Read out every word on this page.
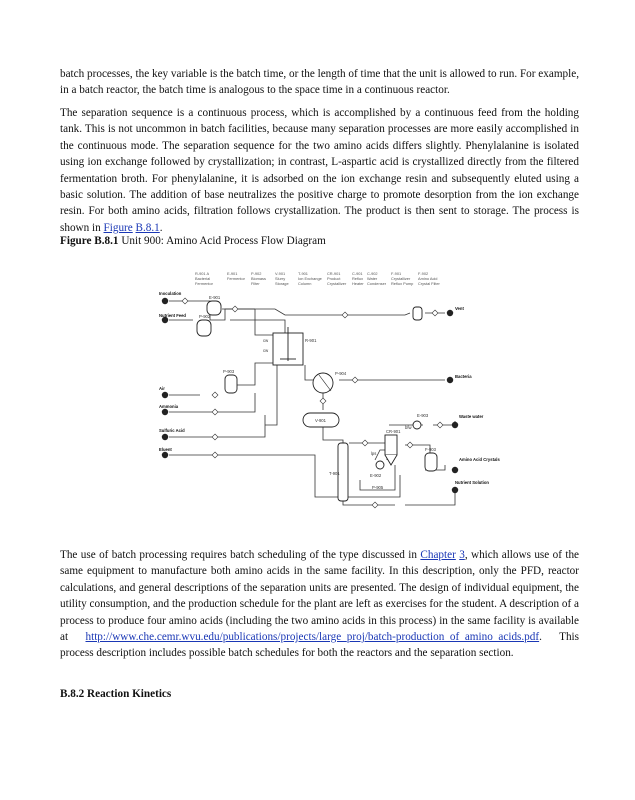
batch processes, the key variable is the batch time, or the length of time that the unit is allowed to run. For example, in a batch reactor, the batch time is analogous to the space time in a continuous reactor.

The separation sequence is a continuous process, which is accomplished by a continuous feed from the holding tank. This is not uncommon in batch facilities, because many separation processes are more easily accomplished in the continuous mode. The separation sequence for the two amino acids differs slightly. Phenylalanine is isolated using ion exchange followed by crystallization; in contrast, L-aspartic acid is crystallized directly from the filtered fermentation broth. For phenylalanine, it is adsorbed on the ion exchange resin and subsequently eluted using a basic solution. The addition of base neutralizes the positive charge to promote desorption from the ion exchange resin. For both amino acids, filtration follows crystallization. The product is then sent to storage. The process is shown in Figure B.8.1.

Figure B.8.1 Unit 900: Amino Acid Process Flow Diagram

R-901 A
Bacterial
Fermentor
E-901
Fermentor
P-902
Biomass
Filter
V-901
Slurry
Storage
T-901
Ion Exchange
Column
CR-901
Product
Crystallizer
C-901
Reflux
Heater
C-902
Water
Condenser
F-901
Crystallizer
Reflux Pump
F-902
Amino Acid
Crystal Filter
Inoculation
Nutrient Feed
Air
Ammonia
Sulfuric Acid
Eluent
Vent
Bacteria
Waste water
Amino Acid Crystals
Nutrient Solution
E-901
P-902
R-901
P-904
P-903
V-901
T-901
CR-901
E-903
F-903
E-902
P-905
cw
cw
lps
bfw

The use of batch processing requires batch scheduling of the type discussed in Chapter 3, which allows use of the same equipment to manufacture both amino acids in the same facility. In this description, only the PFD, reactor calculations, and general descriptions of the separation units are presented. The design of individual equipment, the utility consumption, and the production schedule for the plant are left as exercises for the student. A description of a process to produce four amino acids (including the two amino acids in this process) in the same facility is available at http://www.che.cemr.wvu.edu/publications/projects/large_proj/batch-production_of_amino_acids.pdf. This process description includes possible batch schedules for both the reactors and the separation section.

B.8.2 Reaction Kinetics
